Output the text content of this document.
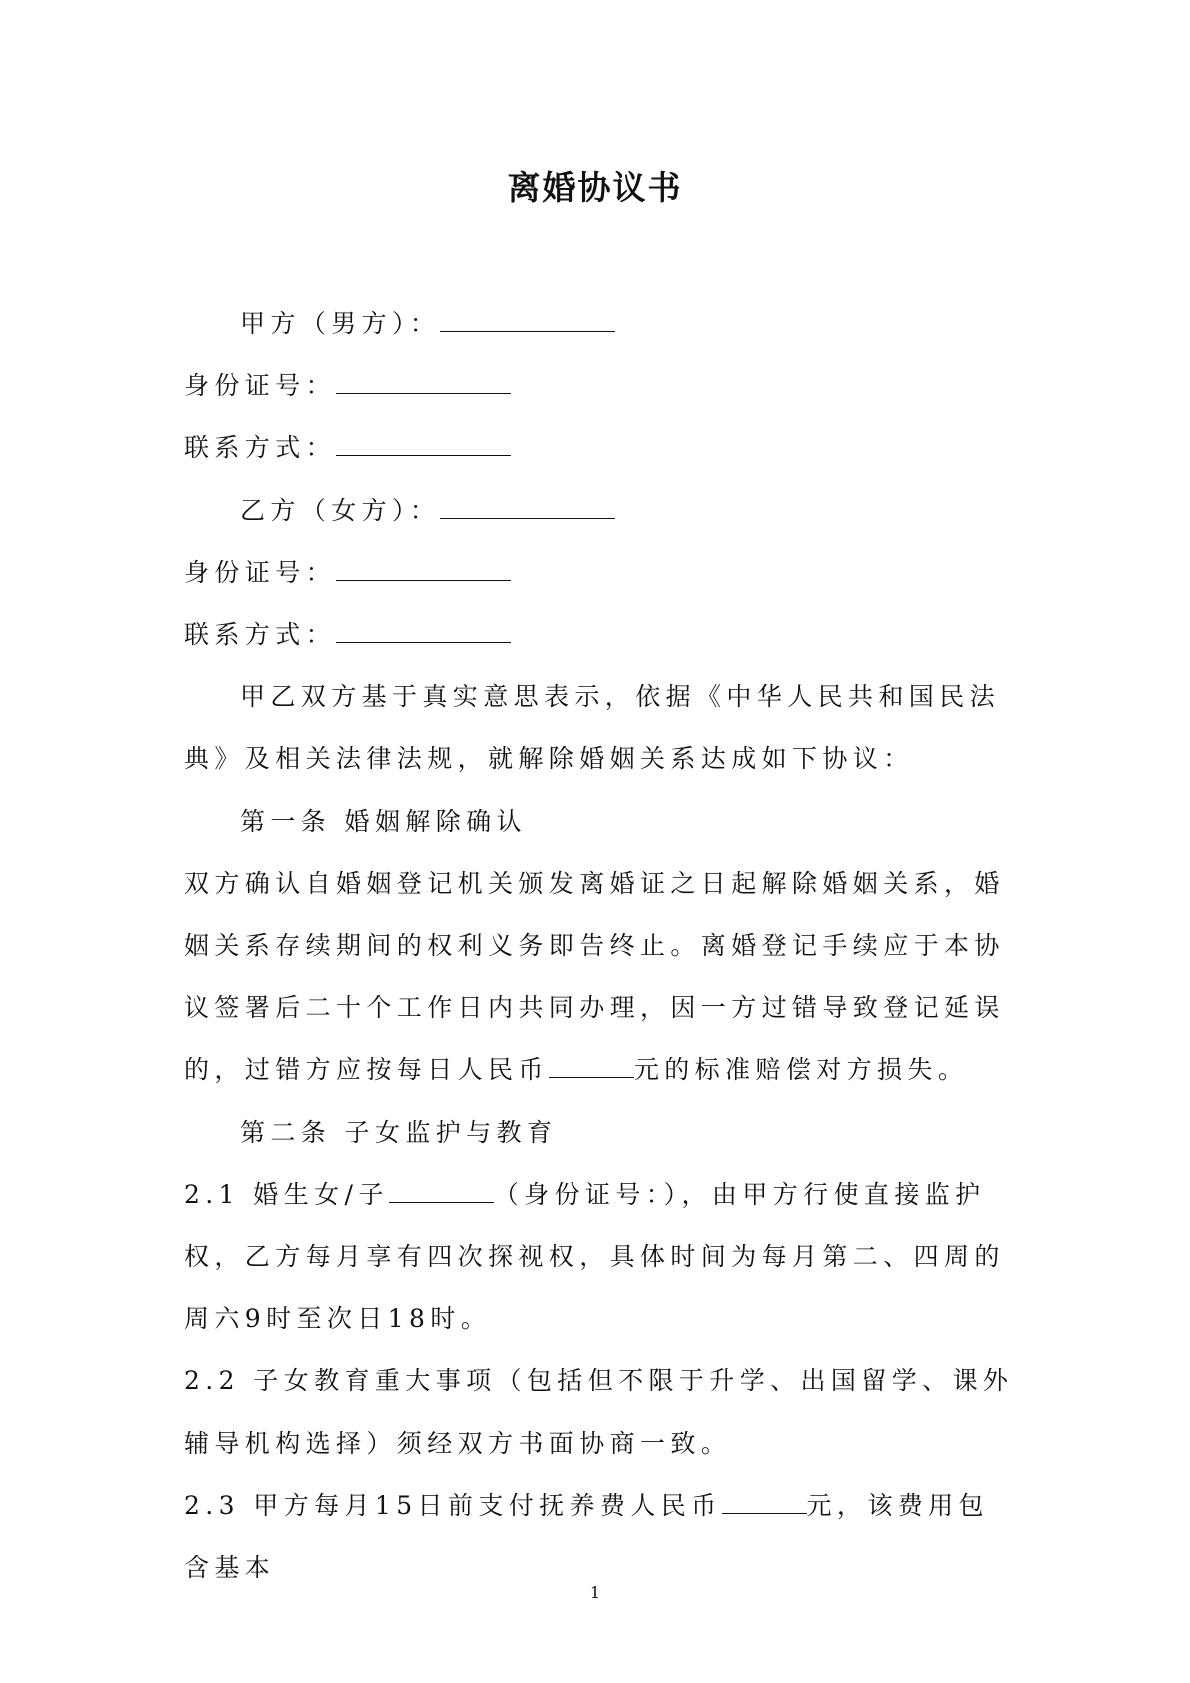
离婚协议书

甲方（男方）：

身份证号：

联系方式：

乙方（女方）：

身份证号：

联系方式：

甲乙双方基于真实意思表示，依据《中华人民共和国民法典》及相关法律法规，就解除婚姻关系达成如下协议：

第一条 婚姻解除确认

双方确认自婚姻登记机关颁发离婚证之日起解除婚姻关系，婚姻关系存续期间的权利义务即告终止。离婚登记手续应于本协议签署后二十个工作日内共同办理，因一方过错导致登记延误的，过错方应按每日人民币	元的标准赔偿对方损失。

第二条 子女监护与教育

2.1 婚生女/子	（身份证号：），由甲方行使直接监护权，乙方每月享有四次探视权，具体时间为每月第二、四周的周六9时至次日18时。

2.2 子女教育重大事项（包括但不限于升学、出国留学、课外辅导机构选择）须经双方书面协商一致。

2.3 甲方每月15日前支付抚养费人民币	元，该费用包含基本

1
